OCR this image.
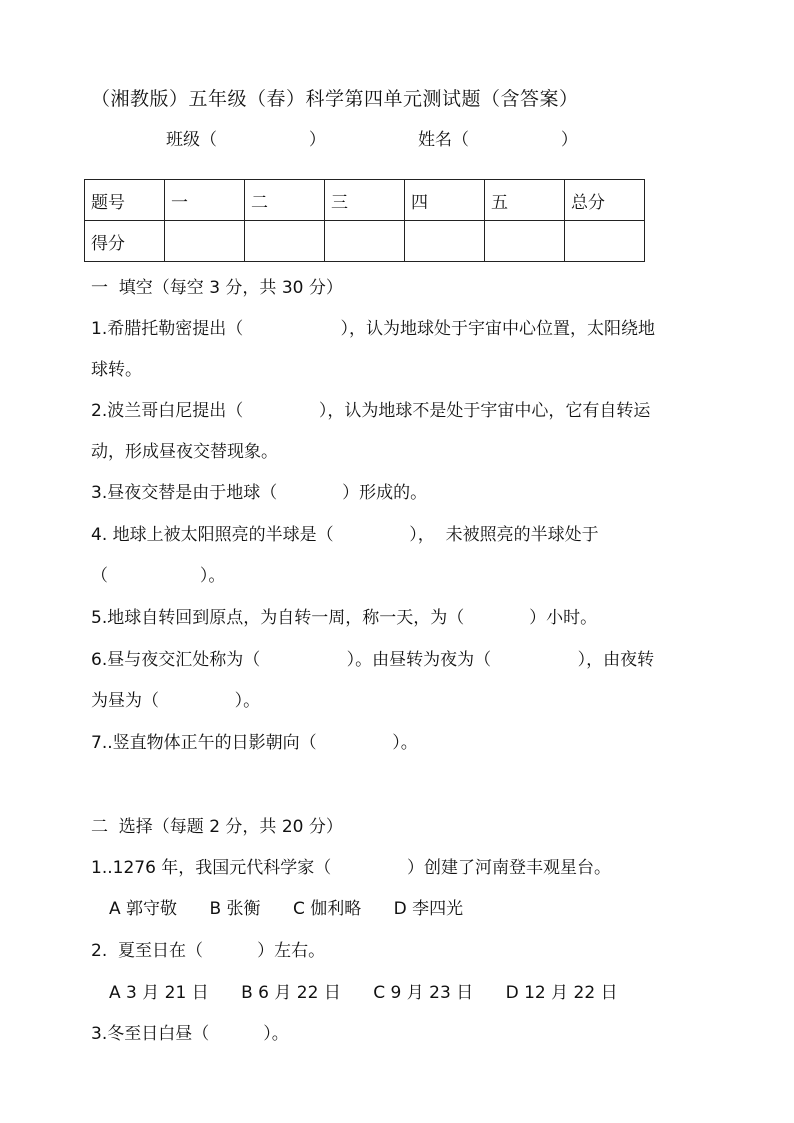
（湘教版）五年级（春）科学第四单元测试题（含答案）
班级（                 ）	姓名（                 ）
题号	一	二	三	四	五	总分
得分						
一  填空（每空 3 分，共 30 分）
1.希腊托勒密提出（                  ），认为地球处于宇宙中心位置，太阳绕地
球转。
2.波兰哥白尼提出（              ），认为地球不是处于宇宙中心，它有自转运
动，形成昼夜交替现象。
3.昼夜交替是由于地球（            ）形成的。
4. 地球上被太阳照亮的半球是（              ），  未被照亮的半球处于
（                 ）。
5.地球自转回到原点，为自转一周，称一天，为（            ）小时。
6.昼与夜交汇处称为（                ）。由昼转为夜为（                ），由夜转
为昼为（              ）。
7..竖直物体正午的日影朝向（              ）。
二  选择（每题 2 分，共 20 分）
1..1276 年，我国元代科学家（              ）创建了河南登丰观星台。
A 郭守敬      B 张衡      C 伽利略      D 李四光
2.  夏至日在（          ）左右。
A 3 月 21 日      B 6 月 22 日      C 9 月 23 日      D 12 月 22 日
3.冬至日白昼（          ）。
